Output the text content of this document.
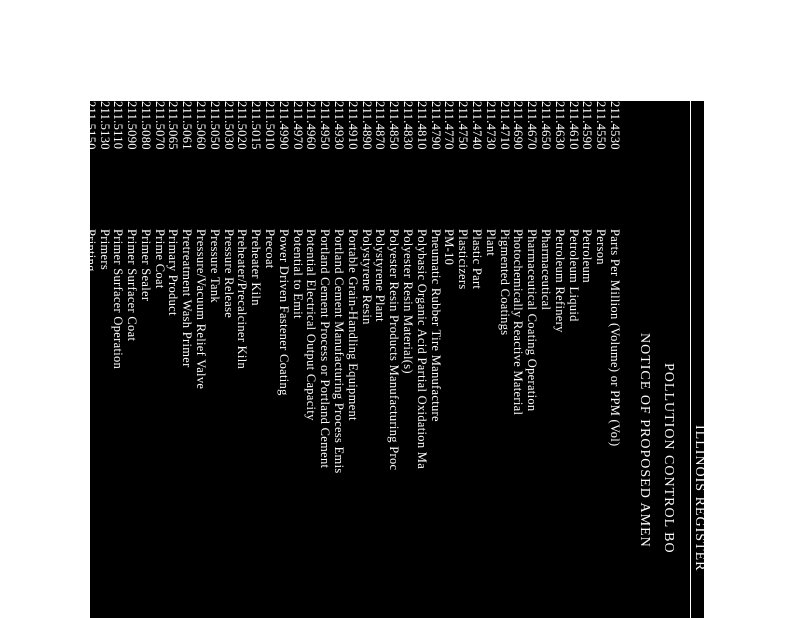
ILLINOIS REGISTER
POLLUTION CONTROL BO
NOTICE OF PROPOSED AMEN
211.4530Parts Per Million (Volume) or PPM (Vol)
211.4550Person
211.4590Petroleum
211.4610Petroleum Liquid
211.4630Petroleum Refinery
211.4650Pharmaceutical
211.4670Pharmaceutical Coating Operation
211.4690Photochemically Reactive Material
211.4710Pigmented Coatings
211.4730Plant
211.4740Plastic Part
211.4750Plasticizers
211.4770PM-10
211.4790Pneumatic Rubber Tire Manufacture
211.4810Polybasic Organic Acid Partial Oxidation Ma
211.4830Polyester Resin Material(s)
211.4850Polyester Resin Products Manufacturing Proc
211.4870Polystyrene Plant
211.4890Polystyrene Resin
211.4910Portable Grain-Handling Equipment
211.4930Portland Cement Manufacturing Process Emis
211.4950Portland Cement Process or Portland Cement
211.4960Potential Electrical Output Capacity
211.4970Potential to Emit
211.4990Power Driven Fastener Coating
211.5010Precoat
211.5015Preheater Kiln
211.5020Preheater/Precalciner Kiln
211.5030Pressure Release
211.5050Pressure Tank
211.5060Pressure/Vacuum Relief Valve
211.5061Pretreatment Wash Primer
211.5065Primary Product
211.5070Prime Coat
211.5080Primer Sealer
211.5090Primer Surfacer Coat
211.5110Primer Surfacer Operation
211.5130Primers
211.5150Printing
